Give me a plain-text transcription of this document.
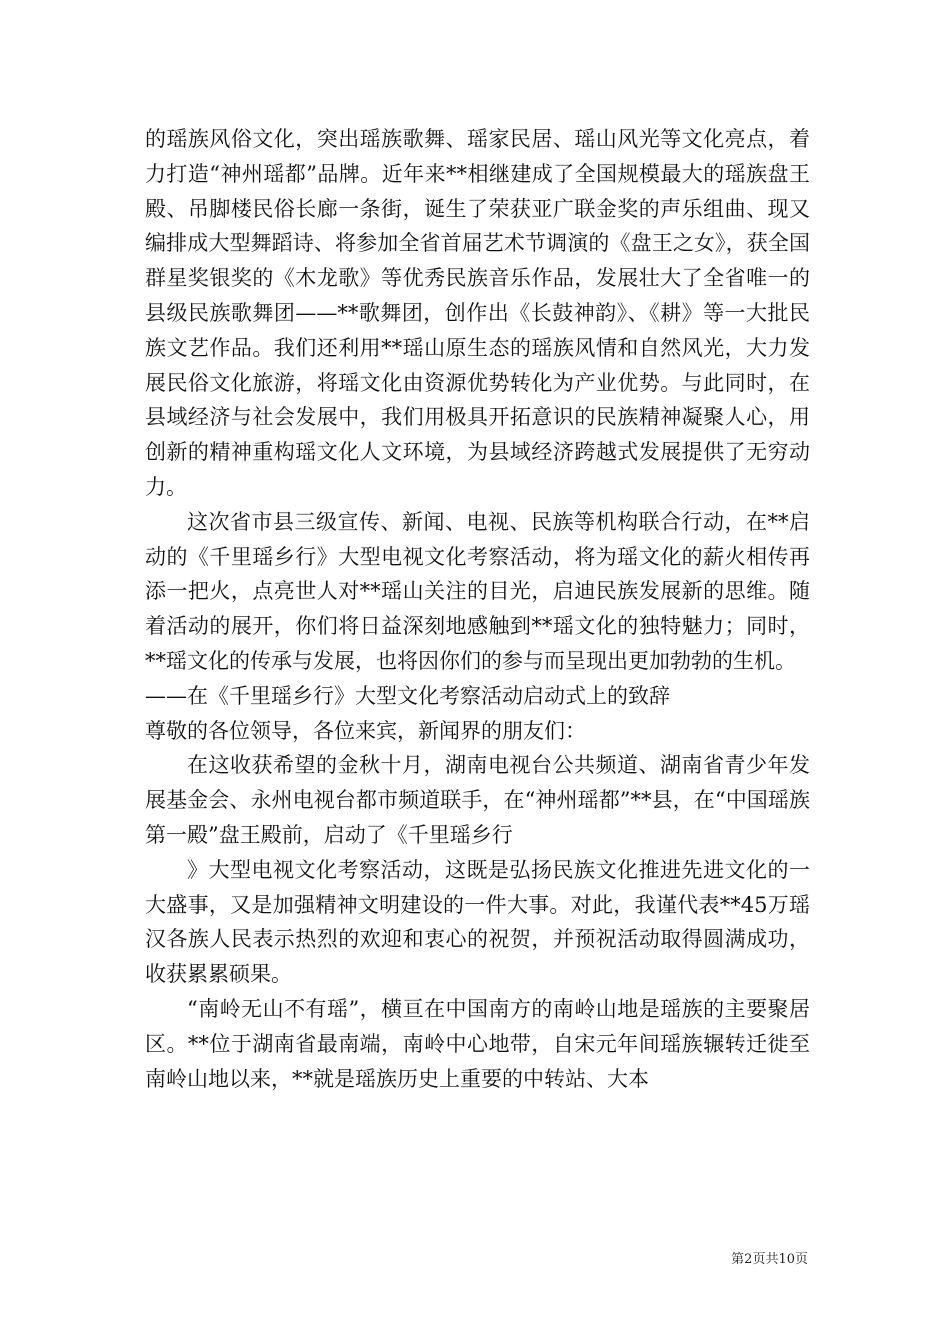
的瑶族风俗文化，突出瑶族歌舞、瑶家民居、瑶山风光等文化亮点，着力打造“神州瑶都”品牌。近年来**相继建成了全国规模最大的瑶族盘王殿、吊脚楼民俗长廊一条街，诞生了荣获亚广联金奖的声乐组曲、现又编排成大型舞蹈诗、将参加全省首届艺术节调演的《盘王之女》，获全国群星奖银奖的《木龙歌》等优秀民族音乐作品，发展壮大了全省唯一的县级民族歌舞团——**歌舞团，创作出《长鼓神韵》、《耕》等一大批民族文艺作品。我们还利用**瑶山原生态的瑶族风情和自然风光，大力发展民俗文化旅游，将瑶文化由资源优势转化为产业优势。与此同时，在县域经济与社会发展中，我们用极具开拓意识的民族精神凝聚人心，用创新的精神重构瑶文化人文环境，为县域经济跨越式发展提供了无穷动力。

这次省市县三级宣传、新闻、电视、民族等机构联合行动，在**启动的《千里瑶乡行》大型电视文化考察活动，将为瑶文化的薪火相传再添一把火，点亮世人对**瑶山关注的目光，启迪民族发展新的思维。随着活动的展开，你们将日益深刻地感触到**瑶文化的独特魅力；同时，**瑶文化的传承与发展，也将因你们的参与而呈现出更加勃勃的生机。

——在《千里瑶乡行》大型文化考察活动启动式上的致辞

尊敬的各位领导，各位来宾，新闻界的朋友们：

在这收获希望的金秋十月，湖南电视台公共频道、湖南省青少年发展基金会、永州电视台都市频道联手，在“神州瑶都”**县，在“中国瑶族第一殿”盘王殿前，启动了《千里瑶乡行

》大型电视文化考察活动，这既是弘扬民族文化推进先进文化的一大盛事，又是加强精神文明建设的一件大事。对此，我谨代表**45万瑶汉各族人民表示热烈的欢迎和衷心的祝贺，并预祝活动取得圆满成功，收获累累硕果。

“南岭无山不有瑶”，横亘在中国南方的南岭山地是瑶族的主要聚居区。**位于湖南省最南端，南岭中心地带，自宋元年间瑶族辗转迁徙至南岭山地以来，**就是瑶族历史上重要的中转站、大本

第2页共10页
